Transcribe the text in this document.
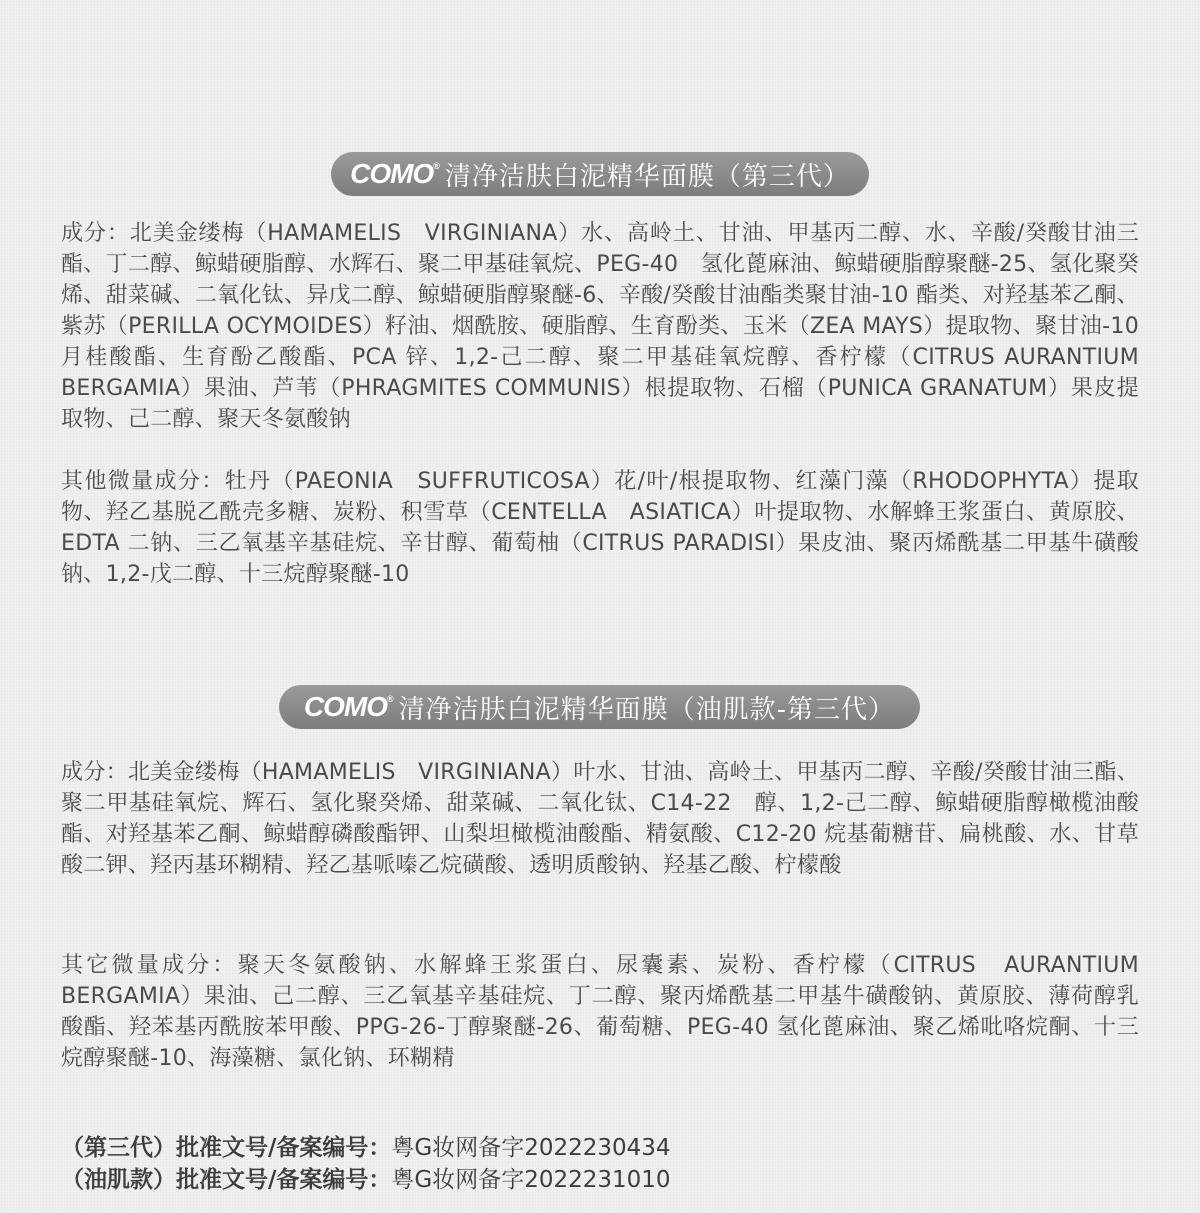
COMO® 清净洁肤白泥精华面膜（第三代）

成分：北美金缕梅（HAMAMELIS　VIRGINIANA）水、高岭土、甘油、甲基丙二醇、水、辛酸/癸酸甘油三酯、丁二醇、鲸蜡硬脂醇、水辉石、聚二甲基硅氧烷、PEG-40　氢化蓖麻油、鲸蜡硬脂醇聚醚-25、氢化聚癸烯、甜菜碱、二氧化钛、异戊二醇、鲸蜡硬脂醇聚醚-6、辛酸/癸酸甘油酯类聚甘油-10 酯类、对羟基苯乙酮、紫苏（PERILLA OCYMOIDES）籽油、烟酰胺、硬脂醇、生育酚类、玉米（ZEA MAYS）提取物、聚甘油-10 月桂酸酯、生育酚乙酸酯、PCA 锌、1,2-己二醇、聚二甲基硅氧烷醇、香柠檬（CITRUS AURANTIUM BERGAMIA）果油、芦苇（PHRAGMITES COMMUNIS）根提取物、石榴（PUNICA GRANATUM）果皮提取物、己二醇、聚天冬氨酸钠

其他微量成分：牡丹（PAEONIA　SUFFRUTICOSA）花/叶/根提取物、红藻门藻（RHODOPHYTA）提取物、羟乙基脱乙酰壳多糖、炭粉、积雪草（CENTELLA　ASIATICA）叶提取物、水解蜂王浆蛋白、黄原胶、EDTA 二钠、三乙氧基辛基硅烷、辛甘醇、葡萄柚（CITRUS PARADISI）果皮油、聚丙烯酰基二甲基牛磺酸钠、1,2-戊二醇、十三烷醇聚醚-10

COMO® 清净洁肤白泥精华面膜（油肌款-第三代）

成分：北美金缕梅（HAMAMELIS　VIRGINIANA）叶水、甘油、高岭土、甲基丙二醇、辛酸/癸酸甘油三酯、聚二甲基硅氧烷、辉石、氢化聚癸烯、甜菜碱、二氧化钛、C14-22　醇、1,2-己二醇、鲸蜡硬脂醇橄榄油酸酯、对羟基苯乙酮、鲸蜡醇磷酸酯钾、山梨坦橄榄油酸酯、精氨酸、C12-20 烷基葡糖苷、扁桃酸、水、甘草酸二钾、羟丙基环糊精、羟乙基哌嗪乙烷磺酸、透明质酸钠、羟基乙酸、柠檬酸

其它微量成分：聚天冬氨酸钠、水解蜂王浆蛋白、尿囊素、炭粉、香柠檬（CITRUS　AURANTIUM　BERGAMIA）果油、己二醇、三乙氧基辛基硅烷、丁二醇、聚丙烯酰基二甲基牛磺酸钠、黄原胶、薄荷醇乳酸酯、羟苯基丙酰胺苯甲酸、PPG-26-丁醇聚醚-26、葡萄糖、PEG-40 氢化蓖麻油、聚乙烯吡咯烷酮、十三烷醇聚醚-10、海藻糖、氯化钠、环糊精

（第三代）批准文号/备案编号：粤G妆网备字2022230434
（油肌款）批准文号/备案编号：粤G妆网备字2022231010
